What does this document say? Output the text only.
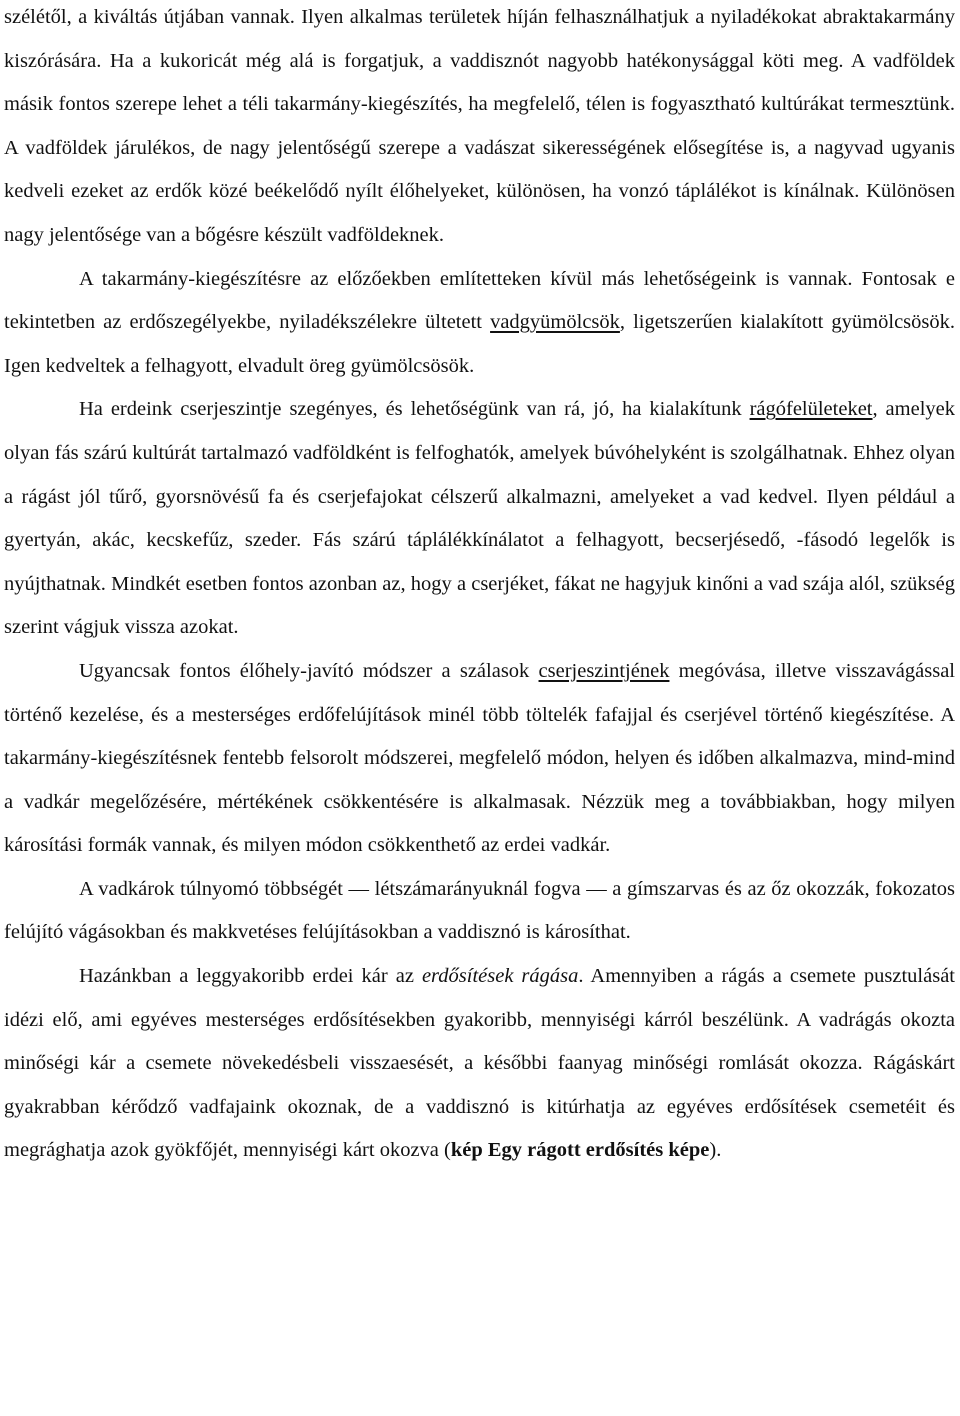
szélétől, a kiváltás útjában vannak. Ilyen alkalmas területek híján felhasználhatjuk a nyiladékokat abraktakarmány kiszórására. Ha a kukoricát még alá is forgatjuk, a vaddisznót nagyobb hatékonysággal köti meg. A vadföldek másik fontos szerepe lehet a téli takarmány-kiegészítés, ha megfelelő, télen is fogyasztható kultúrákat termesztünk. A vadföldek járulékos, de nagy jelentőségű szerepe a vadászat sikerességének elősegítése is, a nagyvad ugyanis kedveli ezeket az erdők közé beékelődő nyílt élőhelyeket, különösen, ha vonzó táplálékot is kínálnak. Különösen nagy jelentősége van a bőgésre készült vadföldeknek.

A takarmány-kiegészítésre az előzőekben említetteken kívül más lehetőségeink is vannak. Fontosak e tekintetben az erdőszegélyekbe, nyiladékszélekre ültetett vadgyümölcsök, ligetszerűen kialakított gyümölcsösök. Igen kedveltek a felhagyott, elvadult öreg gyümölcsösök.

Ha erdeink cserjeszintje szegényes, és lehetőségünk van rá, jó, ha kialakítunk rágófelületeket, amelyek olyan fás szárú kultúrát tartalmazó vadföldként is felfoghatók, amelyek búvóhelyként is szolgálhatnak. Ehhez olyan a rágást jól tűrő, gyorsnövésű fa és cserjefajokat célszerű alkalmazni, amelyeket a vad kedvel. Ilyen például a gyertyán, akác, kecskefűz, szeder. Fás szárú táplálékkínálatot a felhagyott, becserjésedő, -fásodó legelők is nyújthatnak. Mindkét esetben fontos azonban az, hogy a cserjéket, fákat ne hagyjuk kinőni a vad szája alól, szükség szerint vágjuk vissza azokat.

Ugyancsak fontos élőhely-javító módszer a szálasok cserjeszintjének megóvása, illetve visszavágással történő kezelése, és a mesterséges erdőfelújítások minél több töltelék fafajjal és cserjével történő kiegészítése. A takarmány-kiegészítésnek fentebb felsorolt módszerei, megfelelő módon, helyen és időben alkalmazva, mind-mind a vadkár megelőzésére, mértékének csökkentésére is alkalmasak. Nézzük meg a továbbiakban, hogy milyen károsítási formák vannak, és milyen módon csökkenthető az erdei vadkár.

A vadkárok túlnyomó többségét — létszámarányuknál fogva — a gímszarvas és az őz okozzák, fokozatos felújító vágásokban és makkvetéses felújításokban a vaddisznó is károsíthat.

Hazánkban a leggyakoribb erdei kár az erdősítések rágása. Amennyiben a rágás a csemete pusztulását idézi elő, ami egyéves mesterséges erdősítésekben gyakoribb, mennyiségi kárról beszélünk. A vadrágás okozta minőségi kár a csemete növekedésbeli visszaesését, a későbbi faanyag minőségi romlását okozza. Rágáskárt gyakrabban kérődző vadfajaink okoznak, de a vaddisznó is kitúrhatja az egyéves erdősítések csemetéit és megrághatja azok gyökfőjét, mennyiségi kárt okozva (kép Egy rágott erdősítés képe).
